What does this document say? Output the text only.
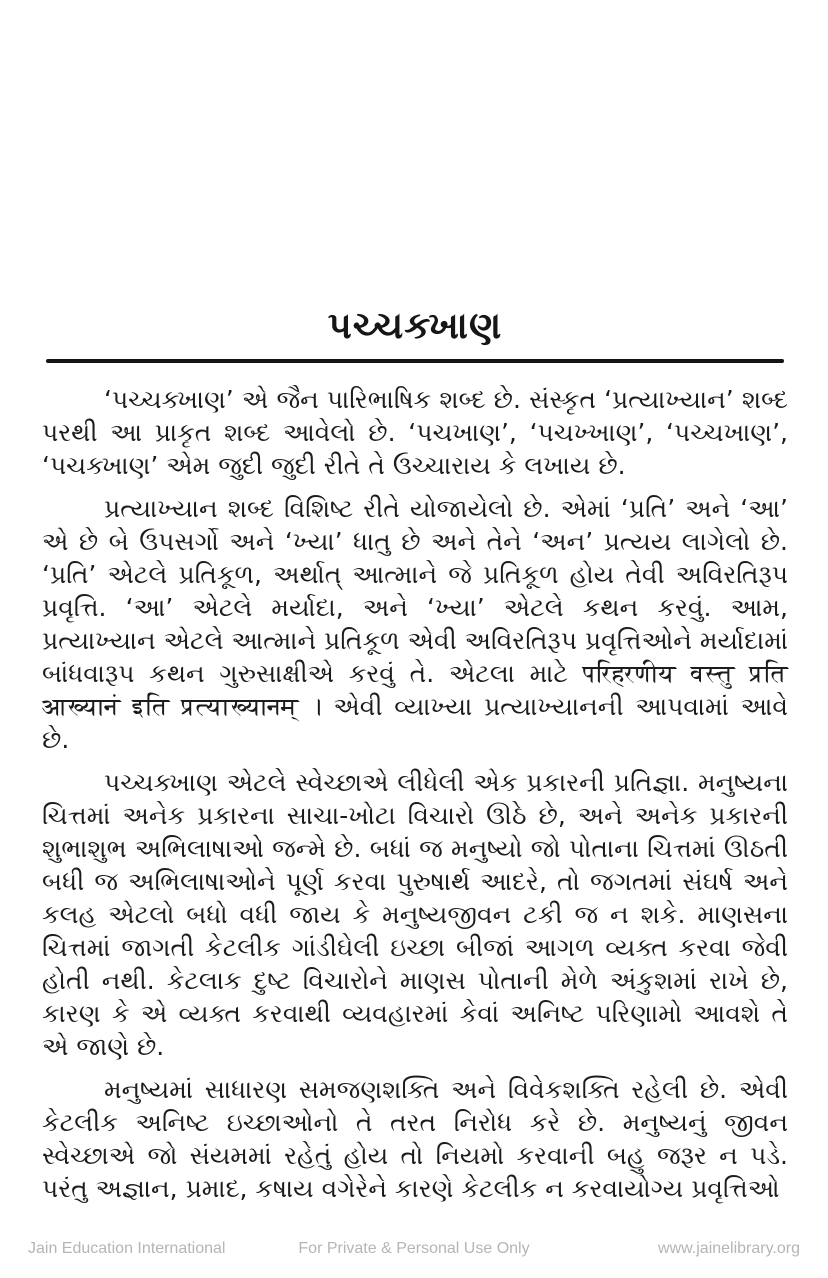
પચ્ચક્ખાણ

‘પચ્ચક્ખાણ’ એ જૈન પારિભાષિક શબ્દ છે. સંસ્કૃત ‘પ્રત્યાખ્યાન’ શબ્દ પરથી આ પ્રાકૃત શબ્દ આવેલો છે. ‘પચખાણ’, ‘પચખ્ખાણ’, ‘પચ્ચખાણ’, ‘પચક્ખાણ’ એમ જુદી જુદી રીતે તે ઉચ્ચારાય કે લખાય છે.

પ્રત્યાખ્યાન શબ્દ વિશિષ્ટ રીતે યોજાયેલો છે. એમાં ‘પ્રતિ’ અને ‘આ’ એ છે બે ઉપસર્ગો અને ‘ખ્યા’ ધાતુ છે અને તેને ‘અન’ પ્રત્યય લાગેલો છે. ‘પ્રતિ’ એટલે પ્રતિકૂળ, અર્થાત્ આત્માને જે પ્રતિકૂળ હોય તેવી અવિરતિરૂપ પ્રવૃત્તિ. ‘આ’ એટલે મર્યાદા, અને ‘ખ્યા’ એટલે કથન કરવું. આમ, પ્રત્યાખ્યાન એટલે આત્માને પ્રતિકૂળ એવી અવિરતિરૂપ પ્રવૃત્તિઓને મર્યાદામાં બાંધવારૂપ કથન ગુરુસાક્ષીએ કરવું તે. એટલા માટે परिहरणीय वस्तु प्रति आख्यानं इति प्रत्याख्यानम् । એવી વ્યાખ્યા પ્રત્યાખ્યાનની આપવામાં આવે છે.

પચ્ચક્ખાણ એટલે સ્વેચ્છાએ લીધેલી એક પ્રકારની પ્રતિજ્ઞા. મનુષ્યના ચિત્તમાં અનેક પ્રકારના સાચા-ખોટા વિચારો ઊઠે છે, અને અનેક પ્રકારની શુભાશુભ અભિલાષાઓ જન્મે છે. બધાં જ મનુષ્યો જો પોતાના ચિત્તમાં ઊઠતી બધી જ અભિલાષાઓને પૂર્ણ કરવા પુરુષાર્થ આદરે, તો જગતમાં સંઘર્ષ અને કલહ એટલો બધો વધી જાય કે મનુષ્યજીવન ટકી જ ન શકે. માણસના ચિત્તમાં જાગતી કેટલીક ગાંડીઘેલી ઇચ્છા બીજાં આગળ વ્યક્ત કરવા જેવી હોતી નથી. કેટલાક દુષ્ટ વિચારોને માણસ પોતાની મેળે અંકુશમાં રાખે છે, કારણ કે એ વ્યક્ત કરવાથી વ્યવહારમાં કેવાં અનિષ્ટ પરિણામો આવશે તે એ જાણે છે.

મનુષ્યમાં સાધારણ સમજણશક્તિ અને વિવેકશક્તિ રહેલી છે. એવી કેટલીક અનિષ્ટ ઇચ્છાઓનો તે તરત નિરોધ કરે છે. મનુષ્યનું જીવન સ્વેચ્છાએ જો સંયમમાં રહેતું હોય તો નિયમો કરવાની બહુ જરૂર ન પડે. પરંતુ અજ્ઞાન, પ્રમાદ, કષાય વગેરેને કારણે કેટલીક ન કરવાયોગ્ય પ્રવૃત્તિઓ

Jain Education International	For Private & Personal Use Only	www.jainelibrary.org
